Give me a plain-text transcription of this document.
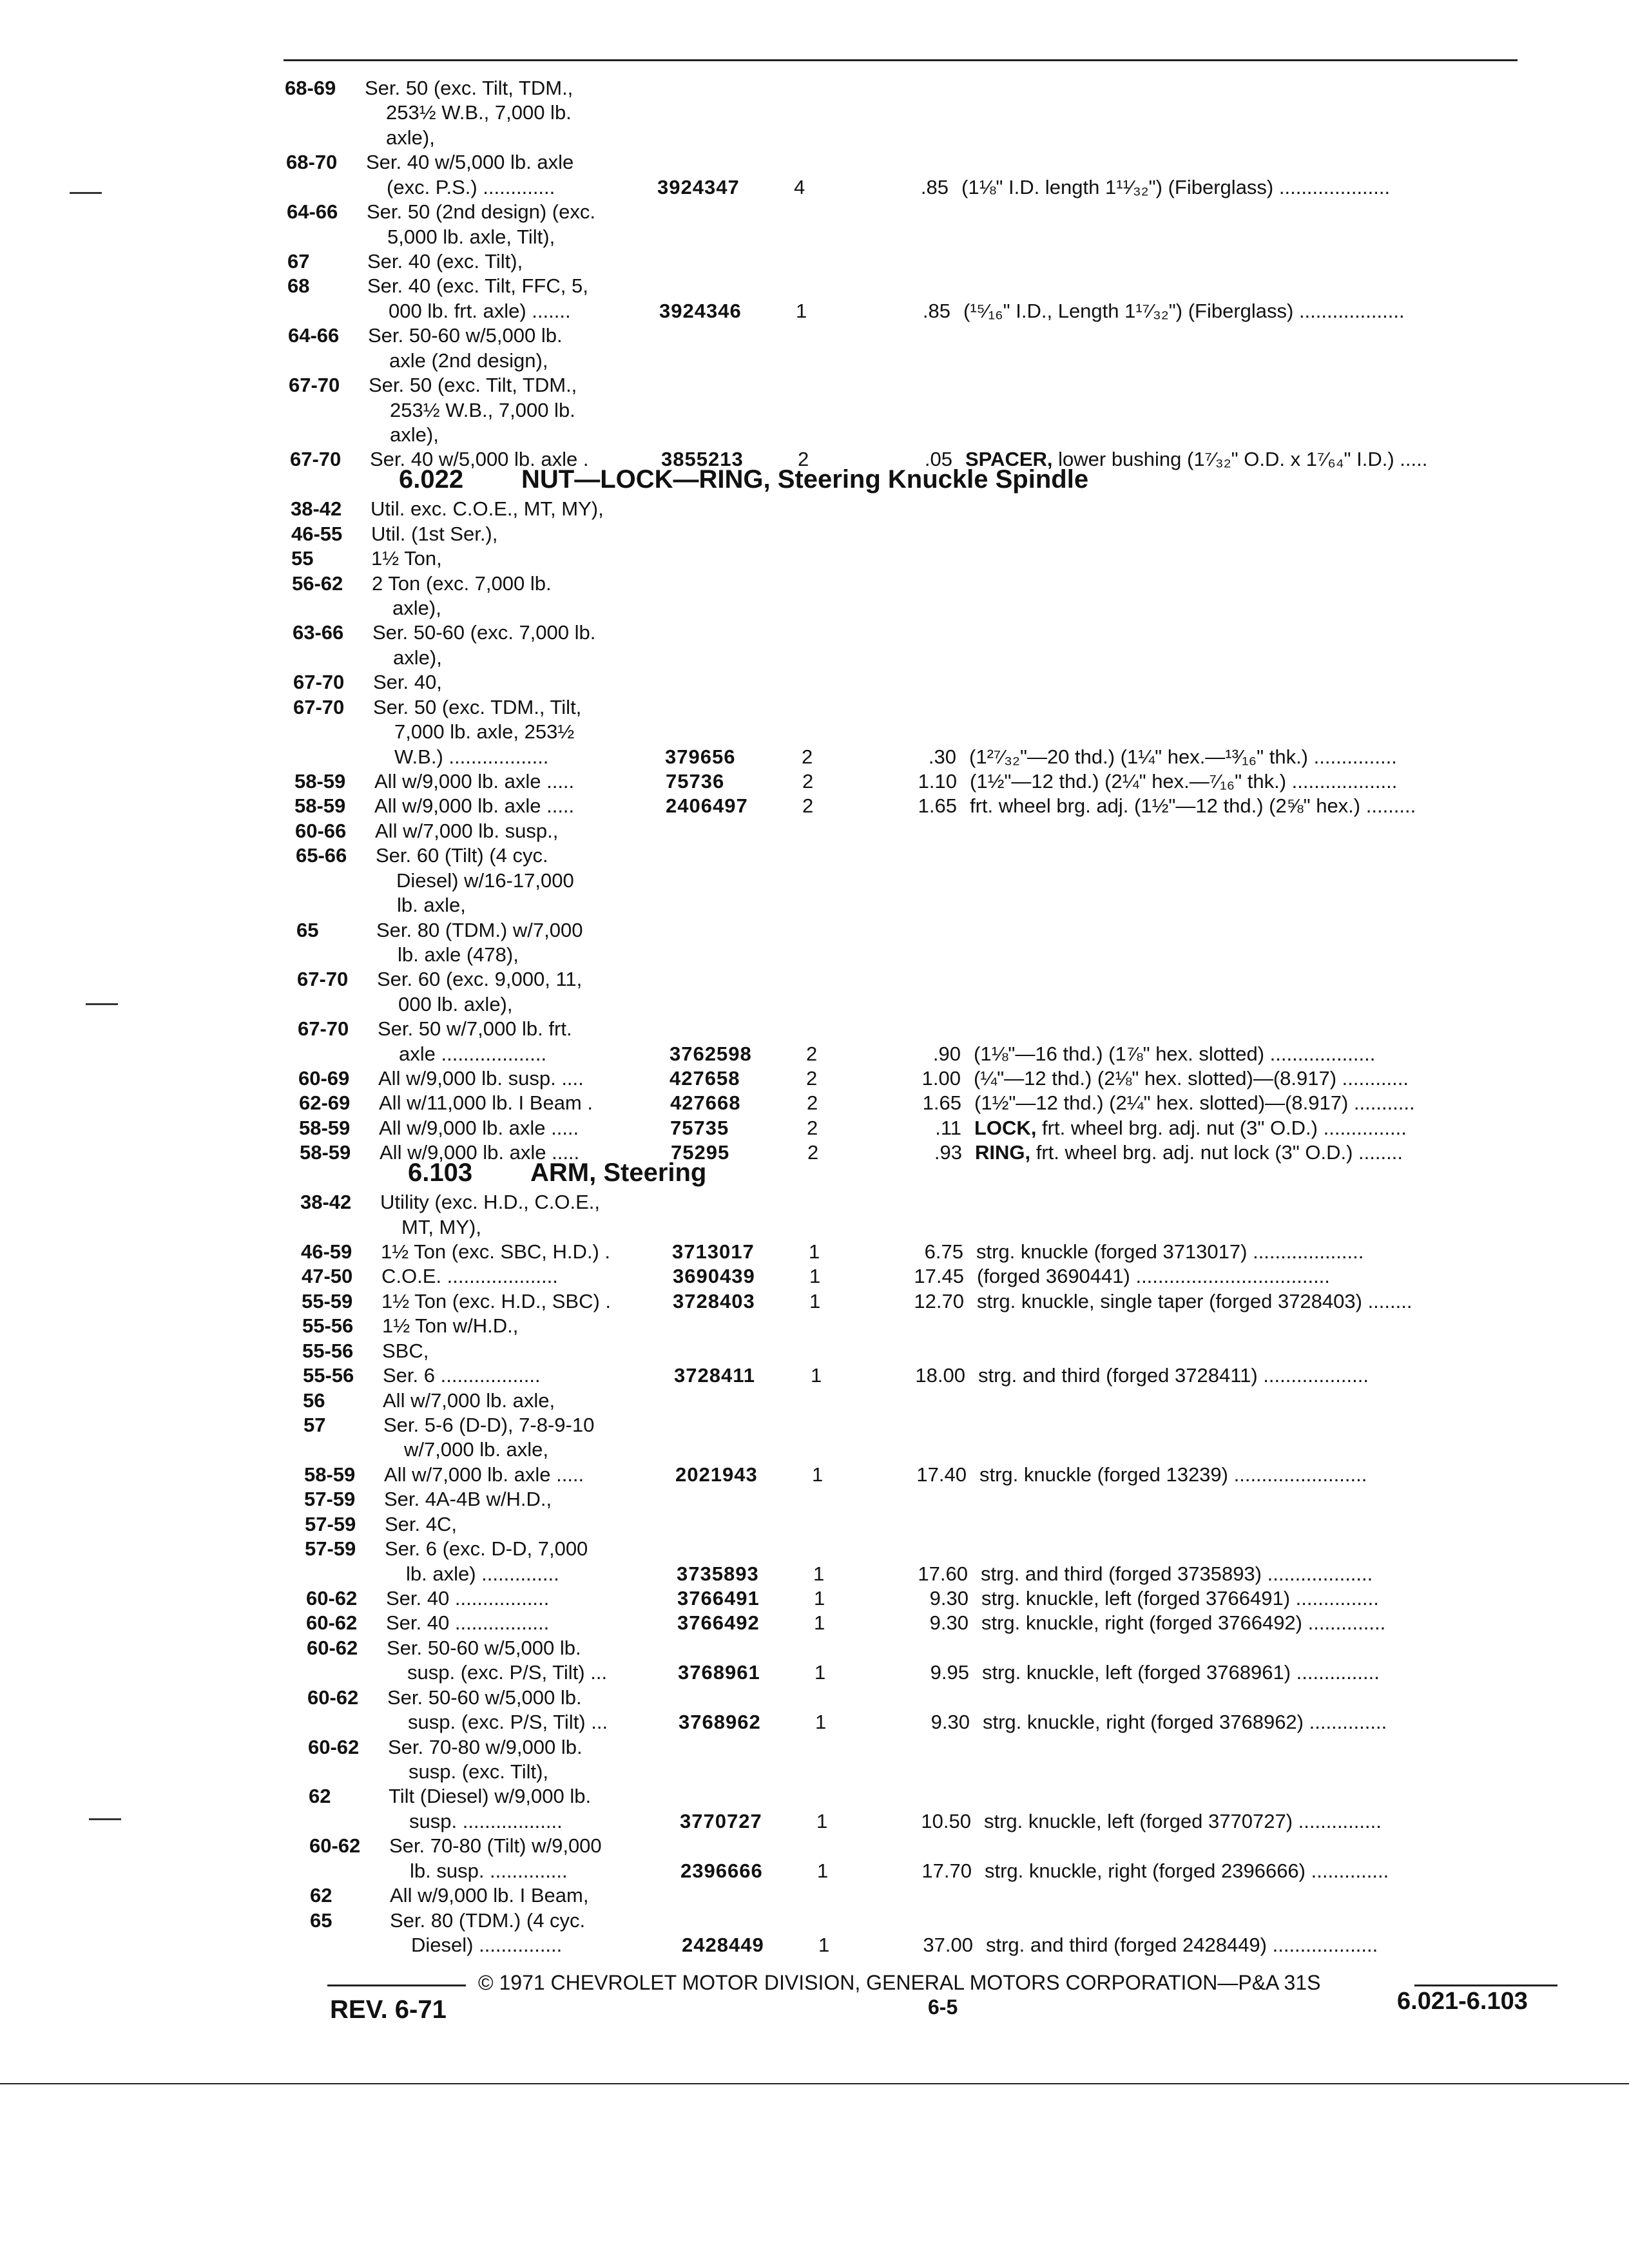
68-69 Ser. 50 (exc. Tilt, TDM.,
253½ W.B., 7,000 lb.
axle),
68-70 Ser. 40 w/5,000 lb. axle
(exc. P.S.) .............	3924347	4	.85 (1⅛" I.D. length 1¹¹⁄₃₂") (Fiberglass) ....................
64-66 Ser. 50 (2nd design) (exc.
5,000 lb. axle, Tilt),
67	Ser. 40 (exc. Tilt),
68	Ser. 40 (exc. Tilt, FFC, 5,
000 lb. frt. axle) .......	3924346	1	.85 (¹⁵⁄₁₆" I.D., Length 1¹⁷⁄₃₂") (Fiberglass) ...................
64-66 Ser. 50-60 w/5,000 lb.
axle (2nd design),
67-70 Ser. 50 (exc. Tilt, TDM.,
253½ W.B., 7,000 lb.
axle),
67-70 Ser. 40 w/5,000 lb. axle .	3855213	2	.05 SPACER, lower bushing (1⁷⁄₃₂" O.D. x 1⁷⁄₆₄" I.D.) .....
6.022 NUT—LOCK—RING, Steering Knuckle Spindle
38-42 Util. exc. C.O.E., MT, MY),
46-55 Util. (1st Ser.),
55	1½ Ton,
56-62 2 Ton (exc. 7,000 lb.
axle),
63-66 Ser. 50-60 (exc. 7,000 lb.
axle),
67-70 Ser. 40,
67-70 Ser. 50 (exc. TDM., Tilt,
7,000 lb. axle, 253½
W.B.) ..................	379656	2	.30 (1²⁷⁄₃₂"—20 thd.) (1¼" hex.—¹³⁄₁₆" thk.) ...............
58-59 All w/9,000 lb. axle .....	75736	2	1.10 (1½"—12 thd.) (2¼" hex.—⁷⁄₁₆" thk.) ...................
58-59 All w/9,000 lb. axle .....	2406497	2	1.65 frt. wheel brg. adj. (1½"—12 thd.) (2⅝" hex.) .........
60-66 All w/7,000 lb. susp.,
65-66 Ser. 60 (Tilt) (4 cyc.
Diesel) w/16-17,000
lb. axle,
65	Ser. 80 (TDM.) w/7,000
lb. axle (478),
67-70 Ser. 60 (exc. 9,000, 11,
000 lb. axle),
67-70 Ser. 50 w/7,000 lb. frt.
axle ...................	3762598	2	.90 (1⅛"—16 thd.) (1⅞" hex. slotted) ...................
60-69 All w/9,000 lb. susp. ....	427658	2	1.00 (¼"—12 thd.) (2⅛" hex. slotted)—(8.917) ............
62-69 All w/11,000 lb. I Beam .	427668	2	1.65 (1½"—12 thd.) (2¼" hex. slotted)—(8.917) ...........
58-59 All w/9,000 lb. axle .....	75735	2	.11 LOCK, frt. wheel brg. adj. nut (3" O.D.) ...............
58-59 All w/9,000 lb. axle .....	75295	2	.93 RING, frt. wheel brg. adj. nut lock (3" O.D.) ........
6.103 ARM, Steering
38-42 Utility (exc. H.D., C.O.E.,
MT, MY),
46-59 1½ Ton (exc. SBC, H.D.) .	3713017	1	6.75 strg. knuckle (forged 3713017) ....................
47-50 C.O.E. ....................	3690439	1	17.45 (forged 3690441) ...................................
55-59 1½ Ton (exc. H.D., SBC) .	3728403	1	12.70 strg. knuckle, single taper (forged 3728403) ........
55-56 1½ Ton w/H.D.,
55-56 SBC,
55-56 Ser. 6 ..................	3728411	1	18.00 strg. and third (forged 3728411) ...................
56	All w/7,000 lb. axle,
57	Ser. 5-6 (D-D), 7-8-9-10
w/7,000 lb. axle,
58-59 All w/7,000 lb. axle .....	2021943	1	17.40 strg. knuckle (forged 13239) ........................
57-59 Ser. 4A-4B w/H.D.,
57-59 Ser. 4C,
57-59 Ser. 6 (exc. D-D, 7,000
lb. axle) ..............	3735893	1	17.60 strg. and third (forged 3735893) ...................
60-62 Ser. 40 .................	3766491	1	9.30 strg. knuckle, left (forged 3766491) ...............
60-62 Ser. 40 .................	3766492	1	9.30 strg. knuckle, right (forged 3766492) ..............
60-62 Ser. 50-60 w/5,000 lb.
susp. (exc. P/S, Tilt) ...	3768961	1	9.95 strg. knuckle, left (forged 3768961) ...............
60-62 Ser. 50-60 w/5,000 lb.
susp. (exc. P/S, Tilt) ...	3768962	1	9.30 strg. knuckle, right (forged 3768962) ..............
60-62 Ser. 70-80 w/9,000 lb.
susp. (exc. Tilt),
62	Tilt (Diesel) w/9,000 lb.
susp. ..................	3770727	1	10.50 strg. knuckle, left (forged 3770727) ...............
60-62 Ser. 70-80 (Tilt) w/9,000
lb. susp. ..............	2396666	1	17.70 strg. knuckle, right (forged 2396666) ..............
62	All w/9,000 lb. I Beam,
65	Ser. 80 (TDM.) (4 cyc.
Diesel) ...............	2428449	1	37.00 strg. and third (forged 2428449) ...................
© 1971 CHEVROLET MOTOR DIVISION, GENERAL MOTORS CORPORATION—P&A 31S
REV. 6-71	6-5	6.021-6.103
